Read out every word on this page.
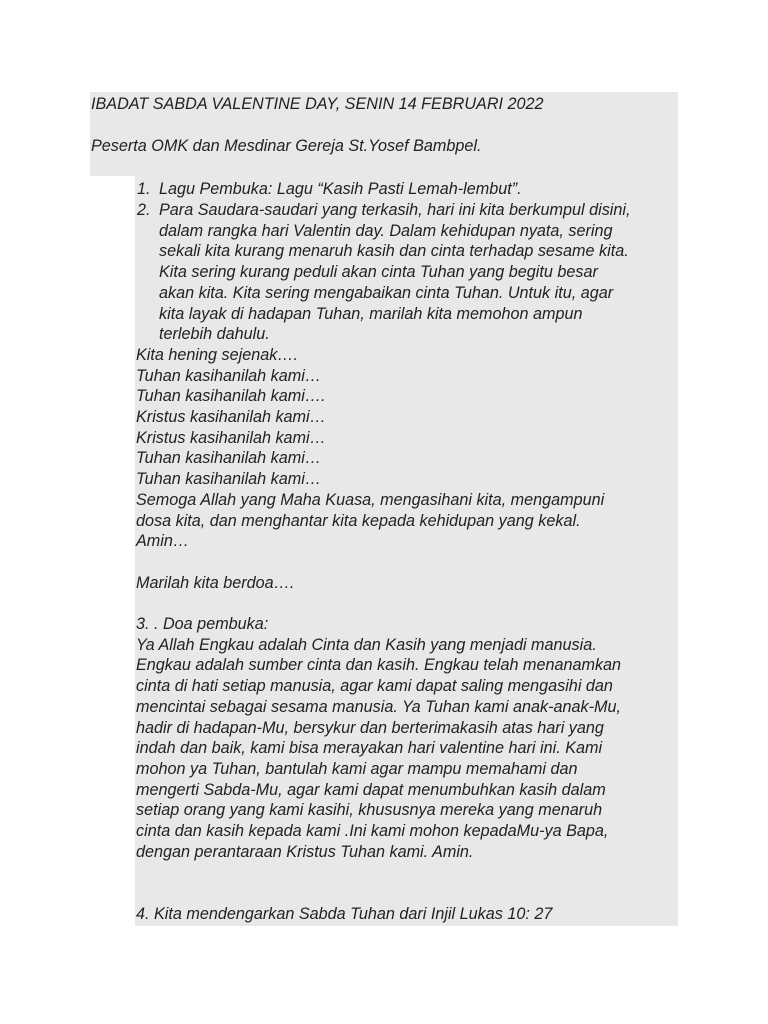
IBADAT SABDA VALENTINE DAY, SENIN 14 FEBRUARI 2022
Peserta OMK dan Mesdinar Gereja St.Yosef Bambpel.
1. Lagu Pembuka: Lagu “Kasih Pasti Lemah-lembut”.
2. Para Saudara-saudari yang terkasih, hari ini kita berkumpul disini,
dalam rangka hari Valentin day. Dalam kehidupan nyata, sering
sekali kita kurang menaruh kasih dan cinta terhadap sesame kita.
Kita sering kurang peduli akan cinta Tuhan yang begitu besar
akan kita. Kita sering mengabaikan cinta Tuhan. Untuk itu, agar
kita layak di hadapan Tuhan, marilah kita memohon ampun
terlebih dahulu.
Kita hening sejenak….
Tuhan kasihanilah kami…
Tuhan kasihanilah kami….
Kristus kasihanilah kami…
Kristus kasihanilah kami…
Tuhan kasihanilah kami…
Tuhan kasihanilah kami…
Semoga Allah yang Maha Kuasa, mengasihani kita, mengampuni
dosa kita, dan menghantar kita kepada kehidupan yang kekal.
Amin…
Marilah kita berdoa….
3. . Doa pembuka:
Ya Allah Engkau adalah Cinta dan Kasih yang menjadi manusia.
Engkau adalah sumber cinta dan kasih. Engkau telah menanamkan
cinta di hati setiap manusia, agar kami dapat saling mengasihi dan
mencintai sebagai sesama manusia. Ya Tuhan kami anak-anak-Mu,
hadir di hadapan-Mu, bersykur dan berterimakasih atas hari yang
indah dan baik, kami bisa merayakan hari valentine hari ini. Kami
mohon ya Tuhan, bantulah kami agar mampu memahami dan
mengerti Sabda-Mu, agar kami dapat menumbuhkan kasih dalam
setiap orang yang kami kasihi, khususnya mereka yang menaruh
cinta dan kasih kepada kami .Ini kami mohon kepadaMu-ya Bapa,
dengan perantaraan Kristus Tuhan kami. Amin.
4. Kita mendengarkan Sabda Tuhan dari Injil Lukas 10: 27
